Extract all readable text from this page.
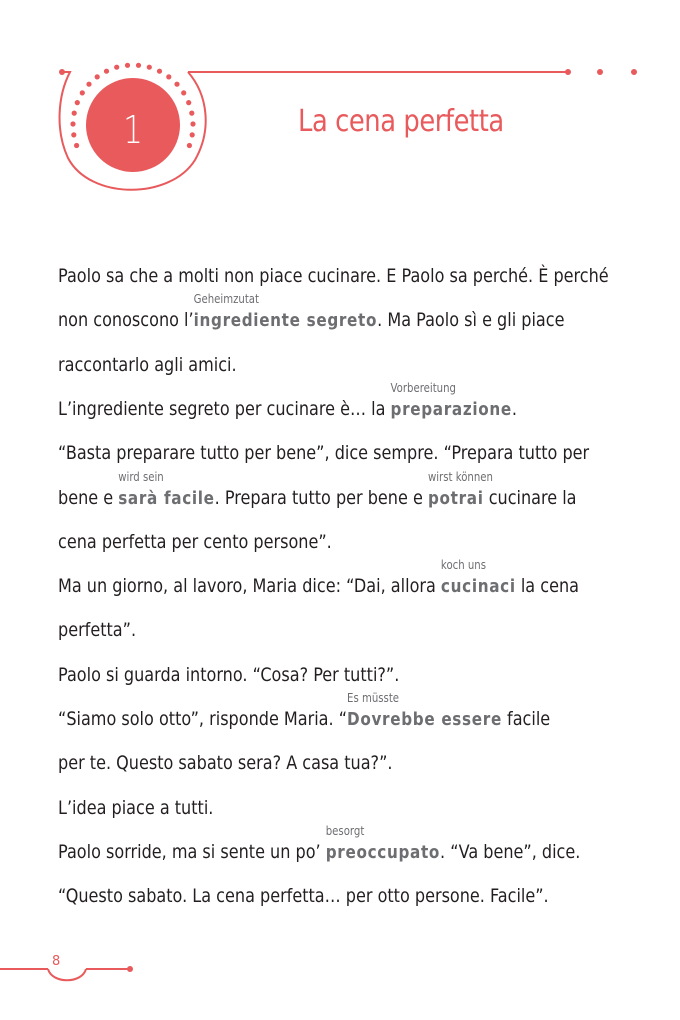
1	La cena perfetta
Paolo sa che a molti non piace cucinare. E Paolo sa perché. È perché
non conoscono l’ingrediente segreto
Geheimzutat
. Ma Paolo sì e gli piace
raccontarlo agli amici.
L’ingrediente segreto per cucinare è… la preparazione
Vorbereitung
.
“Basta preparare tutto per bene”, dice sempre. “Prepara tutto per
bene e sarà facile
wird sein
. Prepara tutto per bene e potrai
wirst können
cucinare la
cena perfetta per cento persone”.
Ma un giorno, al lavoro, Maria dice: “Dai, allora cucinaci
koch uns
la cena
perfetta”.
Paolo si guarda intorno. “Cosa? Per tutti?”.
“Siamo solo otto”, risponde Maria. “Dovrebbe essere
Es müsste
facile
per te. Questo sabato sera? A casa tua?”.
L’idea piace a tutti.
Paolo sorride, ma si sente un po’ preoccupato
besorgt
. “Va bene”, dice.
“Questo sabato. La cena perfetta… per otto persone. Facile”.
8
